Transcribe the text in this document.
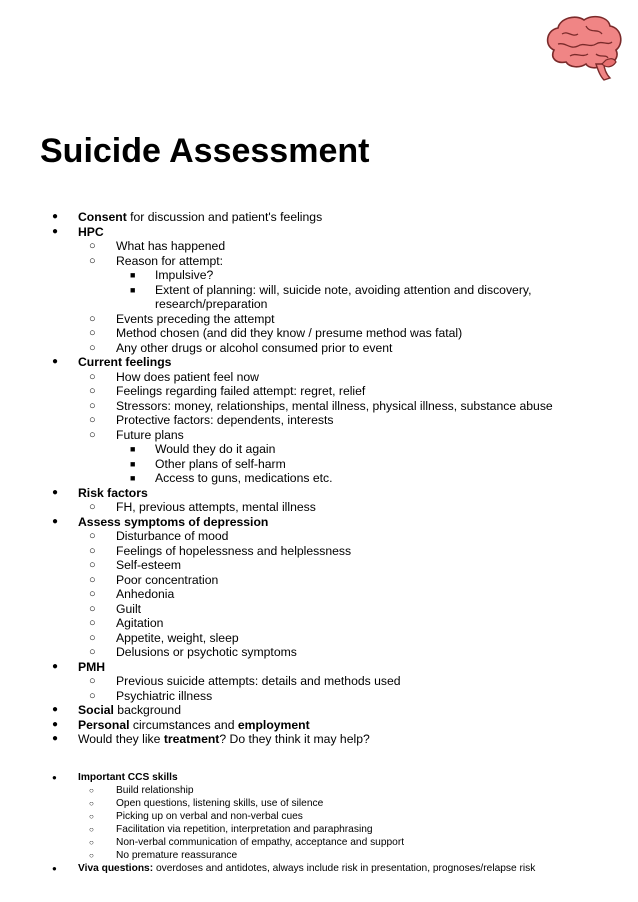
Suicide Assessment
● Consent for discussion and patient's feelings
● HPC
○ What has happened
○ Reason for attempt:
■ Impulsive?
■ Extent of planning: will, suicide note, avoiding attention and discovery, research/preparation
○ Events preceding the attempt
○ Method chosen (and did they know / presume method was fatal)
○ Any other drugs or alcohol consumed prior to event
● Current feelings
○ How does patient feel now
○ Feelings regarding failed attempt: regret, relief
○ Stressors: money, relationships, mental illness, physical illness, substance abuse
○ Protective factors: dependents, interests
○ Future plans
■ Would they do it again
■ Other plans of self-harm
■ Access to guns, medications etc.
● Risk factors
○ FH, previous attempts, mental illness
● Assess symptoms of depression
○ Disturbance of mood
○ Feelings of hopelessness and helplessness
○ Self-esteem
○ Poor concentration
○ Anhedonia
○ Guilt
○ Agitation
○ Appetite, weight, sleep
○ Delusions or psychotic symptoms
● PMH
○ Previous suicide attempts: details and methods used
○ Psychiatric illness
● Social background
● Personal circumstances and employment
● Would they like treatment? Do they think it may help?
● Important CCS skills
○ Build relationship
○ Open questions, listening skills, use of silence
○ Picking up on verbal and non-verbal cues
○ Facilitation via repetition, interpretation and paraphrasing
○ Non-verbal communication of empathy, acceptance and support
○ No premature reassurance
● Viva questions: overdoses and antidotes, always include risk in presentation, prognoses/relapse risk
